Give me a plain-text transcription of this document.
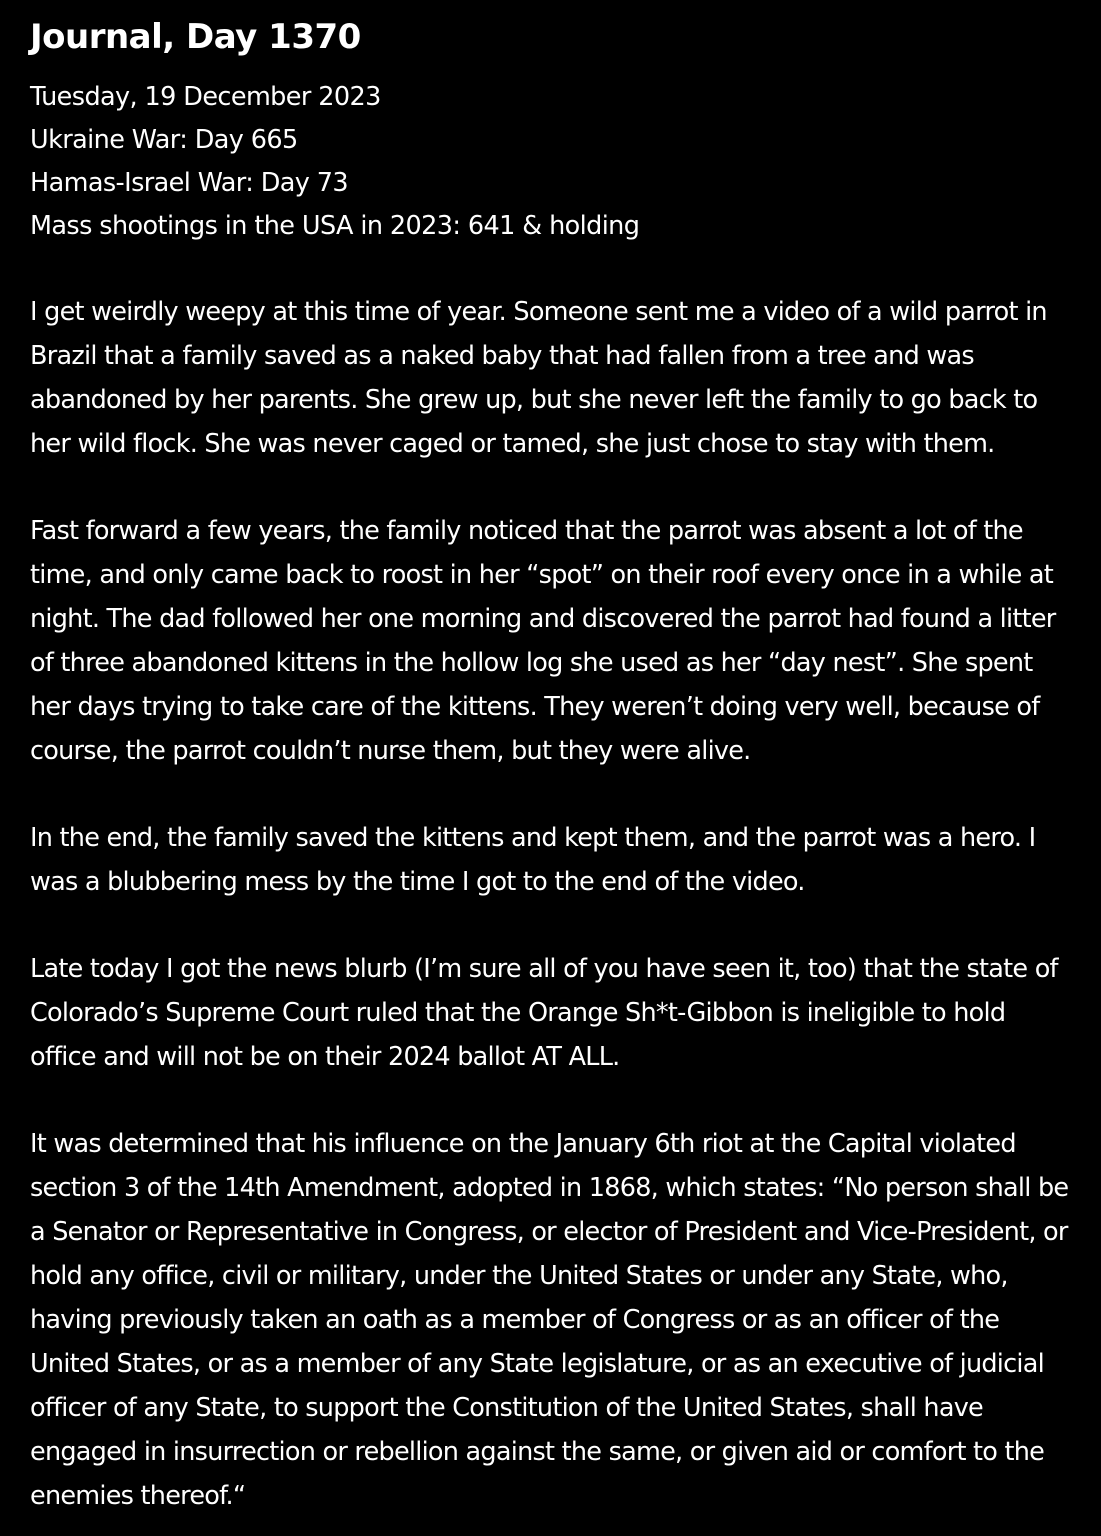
Journal, Day 1370

Tuesday, 19 December 2023

Ukraine War: Day 665

Hamas-Israel War: Day 73

Mass shootings in the USA in 2023: 641 & holding

I get weirdly weepy at this time of year. Someone sent me a video of a wild parrot in Brazil that a family saved as a naked baby that had fallen from a tree and was abandoned by her parents. She grew up, but she never left the family to go back to her wild flock. She was never caged or tamed, she just chose to stay with them.

Fast forward a few years, the family noticed that the parrot was absent a lot of the time, and only came back to roost in her “spot” on their roof every once in a while at night. The dad followed her one morning and discovered the parrot had found a litter of three abandoned kittens in the hollow log she used as her “day nest”. She spent her days trying to take care of the kittens. They weren’t doing very well, because of course, the parrot couldn’t nurse them, but they were alive.

In the end, the family saved the kittens and kept them, and the parrot was a hero. I was a blubbering mess by the time I got to the end of the video.

Late today I got the news blurb (I’m sure all of you have seen it, too) that the state of Colorado’s Supreme Court ruled that the Orange Sh*t-Gibbon is ineligible to hold office and will not be on their 2024 ballot AT ALL.

It was determined that his influence on the January 6th riot at the Capital violated section 3 of the 14th Amendment, adopted in 1868, which states: “No person shall be a Senator or Representative in Congress, or elector of President and Vice-President, or hold any office, civil or military, under the United States or under any State, who, having previously taken an oath as a member of Congress or as an officer of the United States, or as a member of any State legislature, or as an executive of judicial officer of any State, to support the Constitution of the United States, shall have engaged in insurrection or rebellion against the same, or given aid or comfort to the enemies thereof.“
